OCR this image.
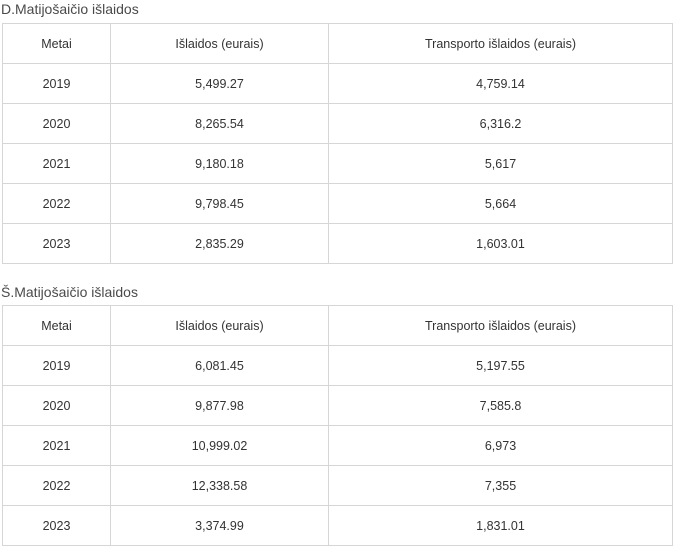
D.Matijošaičio išlaidos
Metai	Išlaidos (eurais)	Transporto išlaidos (eurais)
2019	5,499.27	4,759.14
2020	8,265.54	6,316.2
2021	9,180.18	5,617
2022	9,798.45	5,664
2023	2,835.29	1,603.01
Š.Matijošaičio išlaidos
Metai	Išlaidos (eurais)	Transporto išlaidos (eurais)
2019	6,081.45	5,197.55
2020	9,877.98	7,585.8
2021	10,999.02	6,973
2022	12,338.58	7,355
2023	3,374.99	1,831.01
